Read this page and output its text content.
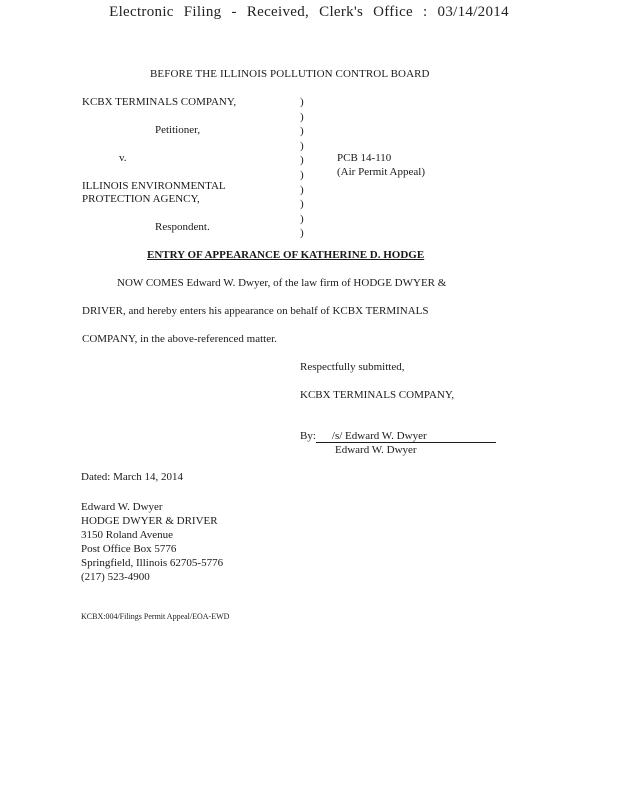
Electronic Filing - Received, Clerk's Office : 03/14/2014
BEFORE THE ILLINOIS POLLUTION CONTROL BOARD
KCBX TERMINALS COMPANY,
Petitioner,
v.
ILLINOIS ENVIRONMENTAL
PROTECTION AGENCY,
Respondent.
)
)
)
)
)
)
)
)
)
)
PCB 14-110
(Air Permit Appeal)
ENTRY OF APPEARANCE OF KATHERINE D. HODGE
NOW COMES Edward W. Dwyer, of the law firm of HODGE DWYER &
DRIVER, and hereby enters his appearance on behalf of KCBX TERMINALS
COMPANY, in the above-referenced matter.
Respectfully submitted,
KCBX TERMINALS COMPANY,
By: /s/ Edward W. Dwyer
Edward W. Dwyer
Dated: March 14, 2014
Edward W. Dwyer
HODGE DWYER & DRIVER
3150 Roland Avenue
Post Office Box 5776
Springfield, Illinois 62705-5776
(217) 523-4900
KCBX:004/Filings Permit Appeal/EOA-EWD
